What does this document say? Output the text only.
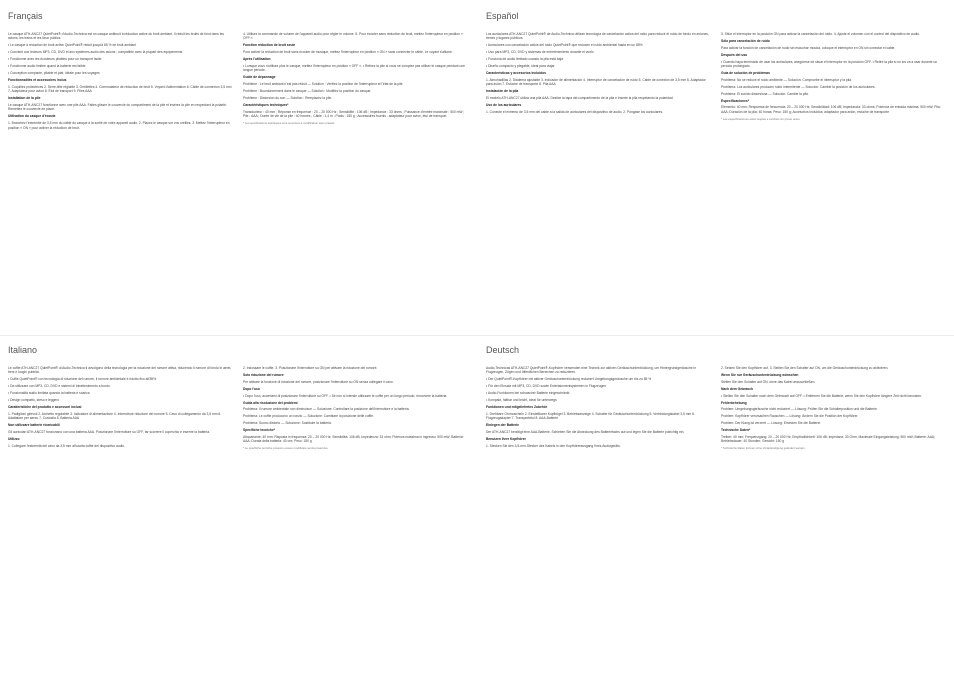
Français

Le casque ATH-ANC27 QuietPoint® d'Audio-Technica est un casque antibruit à réduction active du bruit ambiant. Il réduit les bruits de fond dans les avions, les trains et les lieux publics.

• Le casque à réduction de bruit active QuietPoint® réduit jusqu'à 85 % de bruit ambiant

• Convient aux lecteurs MP3, CD, DVD et aux systèmes audio des avions ; compatible avec la plupart des équipements

• Fonctionne avec les écouteurs pliables pour un transport facile

• Fonctionne audio limitée quand la batterie est faible

• Conception compacte, pliable et plat, idéale pour les voyages

Fonctionnalités et accessoires inclus

1. Coquilles protectrices 2. Serre-tête réglable 3. Oreillettes 4. Commutateur de réduction de bruit 5. Voyant d'alimentation 6. Câble de connexion 3,5 mm 7. Adaptateur pour avion 8. Étui de transport 9. Piles AAA

Installation de la pile

Le casque ATH-ANC27 fonctionne avec une pile AAA. Faites glisser le couvercle du compartiment de la pile et insérez la pile en respectant la polarité. Remettez le couvercle en place.

Utilisation du casque d'écoute

1. Branchez l'extrémité de 3,5 mm du câble du casque à la sortie de votre appareil audio. 2. Placez le casque sur vos oreilles. 3. Mettez l'interrupteur en position « ON » pour activer la réduction de bruit.

4. Utilisez la commande de volume de l'appareil audio pour régler le volume. 5. Pour écouter sans réduction de bruit, mettez l'interrupteur en position « OFF ».

Fonction réduction de bruit seule

Pour activer la réduction de bruit sans écouter de musique, mettez l'interrupteur en position « ON » sans connecter le câble. Le voyant s'allume.

Après l'utilisation

• Lorsque vous n'utilisez plus le casque, mettez l'interrupteur en position « OFF ». • Retirez la pile si vous ne comptez pas utiliser le casque pendant une longue période.

Guide de dépannage

Problème : Le bruit ambiant n'est pas réduit — Solution : Vérifiez la position de l'interrupteur et l'état de la pile.

Problème : Bourdonnement dans le casque — Solution : Modifiez la position du casque.

Problème : Distorsion du son — Solution : Remplacez la pile.

Caractéristiques techniques*

Transducteur : 40 mm ; Réponse en fréquence : 20 – 20 000 Hz ; Sensibilité : 106 dB ; Impédance : 33 ohms ; Puissance d'entrée maximale : 500 mW ; Pile : AAA ; Durée de vie de la pile : 40 heures ; Câble : 1,4 m ; Poids : 150 g ; Accessoires fournis : adaptateur pour avion, étui de transport

* Les spécifications techniques sont soumises à modification sans préavis.

Español

Los auriculares ATH-ANC27 QuietPoint® de Audio-Technica utilizan tecnología de cancelación activa del ruido para reducir el ruido de fondo en aviones, trenes y lugares públicos.

• Auriculares con cancelación activa del ruido QuietPoint® que reducen el ruido ambiental hasta en un 85%

• Uso para MP3, CD, DVD y sistemas de entretenimiento durante el vuelo

• Funciona de audio limitado cuando la pila está baja

• Diseño compacto y plegable, ideal para viajar

Características y accesorios incluidos

1. Almohadillas 2. Diadema ajustable 3. Indicador de alimentación 4. Interruptor de cancelación de ruido 5. Cable de conexión de 3,5 mm 6. Adaptador para avión 7. Estuche de transporte 8. Pila AAA

Instalación de la pila

El modelo ATH-ANC27 utiliza una pila AAA. Deslice la tapa del compartimento de la pila e inserte la pila respetando la polaridad.

Uso de los auriculares

1. Conecte el extremo de 3,5 mm del cable a la salida de auriculares del dispositivo de audio. 2. Póngase los auriculares.

3. Sitúe el interruptor en la posición ON para activar la cancelación del ruido. 4. Ajuste el volumen con el control del dispositivo de audio.

Sólo para cancelación de ruido

Para activar la función de cancelación de ruido sin escuchar música, coloque el interruptor en ON sin conectar el cable.

Después del uso

• Cuando haya terminado de usar los auriculares, asegúrese de situar el interruptor en la posición OFF. • Retire la pila si no los va a usar durante un período prolongado.

Guía de solución de problemas

Problema: No se reduce el ruido ambiente — Solución: Compruebe el interruptor y la pila.

Problema: Los auriculares producen ruido intermitente — Solución: Cambie la posición de los auriculares.

Problema: El sonido distorsiona — Solución: Cambie la pila.

Especificaciones*

Elemento: 40 mm; Respuesta de frecuencia: 20 – 20 000 Hz; Sensibilidad: 106 dB; Impedancia: 33 ohms; Potencia de entrada máxima: 500 mW; Pila: AAA; Duración de la pila: 40 horas; Peso: 150 g; Accesorios incluidos: adaptador para avión, estuche de transporte

* Las especificaciones están sujetas a cambios sin previo aviso.

Italiano

Le cuffie ATH-ANC27 QuietPoint® di Audio-Technica ti avvolgono della tecnologia per la riduzione del rumore attiva, riducendo il rumore di fondo in aerei, treni e luoghi pubblici.

• Cuffie QuietPoint® con tecnologia di riduzione del rumore, il rumore ambientale è ridotto fino all'85%

• Da utilizzare con MP3, CD, DVD e sistemi di intrattenimento a bordo

• Funzionalità audio limitata quando la batteria è scarica

• Design compatto, steso e leggero

Caratteristiche del prodotto e accessori inclusi

1. Padiglioni girevoli 2. Archetto regolabile 3. Indicatore di alimentazione 4. Interruttore riduzione del rumore 5. Cavo di collegamento da 3,5 mm 6. Adattatore per aereo 7. Custodia 8. Batteria AAA

Non utilizzare batterie ricaricabili

Gli auricolari ATH-ANC27 funzionano con una batteria AAA. Posizionare l'interruttore su OFF, far scorrere il coperchio e inserire la batteria.

Utilizzo

1. Collegare l'estremità del cavo da 3,5 mm all'uscita cuffie del dispositivo audio.

2. Indossare le cuffie. 3. Posizionare l'interruttore su ON per attivare la riduzione del rumore.

Solo riduzione del rumore

Per attivare la funzione di riduzione del rumore, posizionare l'interruttore su ON senza collegare il cavo.

Dopo l'uso

• Dopo l'uso, accertarsi di posizionare l'interruttore su OFF. • Se non si intende utilizzare le cuffie per un lungo periodo, rimuovere la batteria.

Guida alla risoluzione dei problemi

Problema: Il rumore ambientale non diminuisce — Soluzione: Controllare la posizione dell'interruttore e la batteria.

Problema: Le cuffie producono un ronzio — Soluzione: Cambiare la posizione delle cuffie.

Problema: Suono distorto — Soluzione: Sostituire la batteria.

Specifiche tecniche*

Altoparlante: 40 mm; Risposta in frequenza: 20 – 20 000 Hz; Sensibilità: 106 dB; Impedenza: 33 ohm; Potenza massima in ingresso: 500 mW; Batteria: AAA; Durata della batteria: 40 ore; Peso: 150 g

* Le specifiche tecniche possono essere modificate senza preavviso.

Deutsch

Audio-Technicas ATH-ANC27 QuietPoint®-Kopfhörer verwenden eine Technik zur aktiven Geräuschunterdrückung, um Hintergrundgeräusche in Flugzeugen, Zügen und öffentlichen Bereichen zu reduzieren.

• Der QuietPoint®-Kopfhörer mit aktiver Geräuschunterdrückung reduziert Umgebungsgeräusche um bis zu 85 %

• Für den Einsatz mit MP3, CD, DVD sowie Entertainmentsystemen in Flugzeugen

• Audio-Funktionen bei schwacher Batterie eingeschränkt

• Kompakt, faltbar und leicht, ideal für unterwegs

Funktionen und mitgeliefertes Zubehör

1. Drehbare Ohrmuscheln 2. Einstellbarer Kopfbügel 3. Betriebsanzeige 4. Schalter für Geräuschunterdrückung 5. Verbindungskabel 3,5 mm 6. Flugzeugadapter 7. Transportetui 8. AAA-Batterie

Einlegen der Batterie

Der ATH-ANC27 benötigt eine AAA-Batterie. Schieben Sie die Abdeckung des Batteriefachs auf und legen Sie die Batterie polrichtig ein.

Benutzen Ihrer Kopfhörer

1. Stecken Sie den 3,5-mm-Stecker des Kabels in den Kopfhörerausgang Ihres Audiogeräts.

2. Setzen Sie den Kopfhörer auf. 3. Stellen Sie den Schalter auf ON, um die Geräuschunterdrückung zu aktivieren.

Wenn Sie nur Geräuschunterdrückung wünschen

Stellen Sie den Schalter auf ON, ohne das Kabel anzuschließen.

Nach dem Gebrauch

• Stellen Sie den Schalter nach dem Gebrauch auf OFF. • Entfernen Sie die Batterie, wenn Sie den Kopfhörer längere Zeit nicht benutzen.

Fehlerbehebung

Problem: Umgebungsgeräusche nicht reduziert — Lösung: Prüfen Sie die Schalterposition und die Batterie.

Problem: Kopfhörer verursachen Rauschen — Lösung: Ändern Sie die Position der Kopfhörer.

Problem: Der Klang ist verzerrt — Lösung: Ersetzen Sie die Batterie.

Technische Daten*

Treiber: 40 mm; Frequenzgang: 20 – 20 000 Hz; Empfindlichkeit: 106 dB; Impedanz: 33 Ohm; Maximale Eingangsleistung: 500 mW; Batterie: AAA; Betriebsdauer: 40 Stunden; Gewicht: 150 g

* Technische Daten können ohne Vorankündigung geändert werden.
